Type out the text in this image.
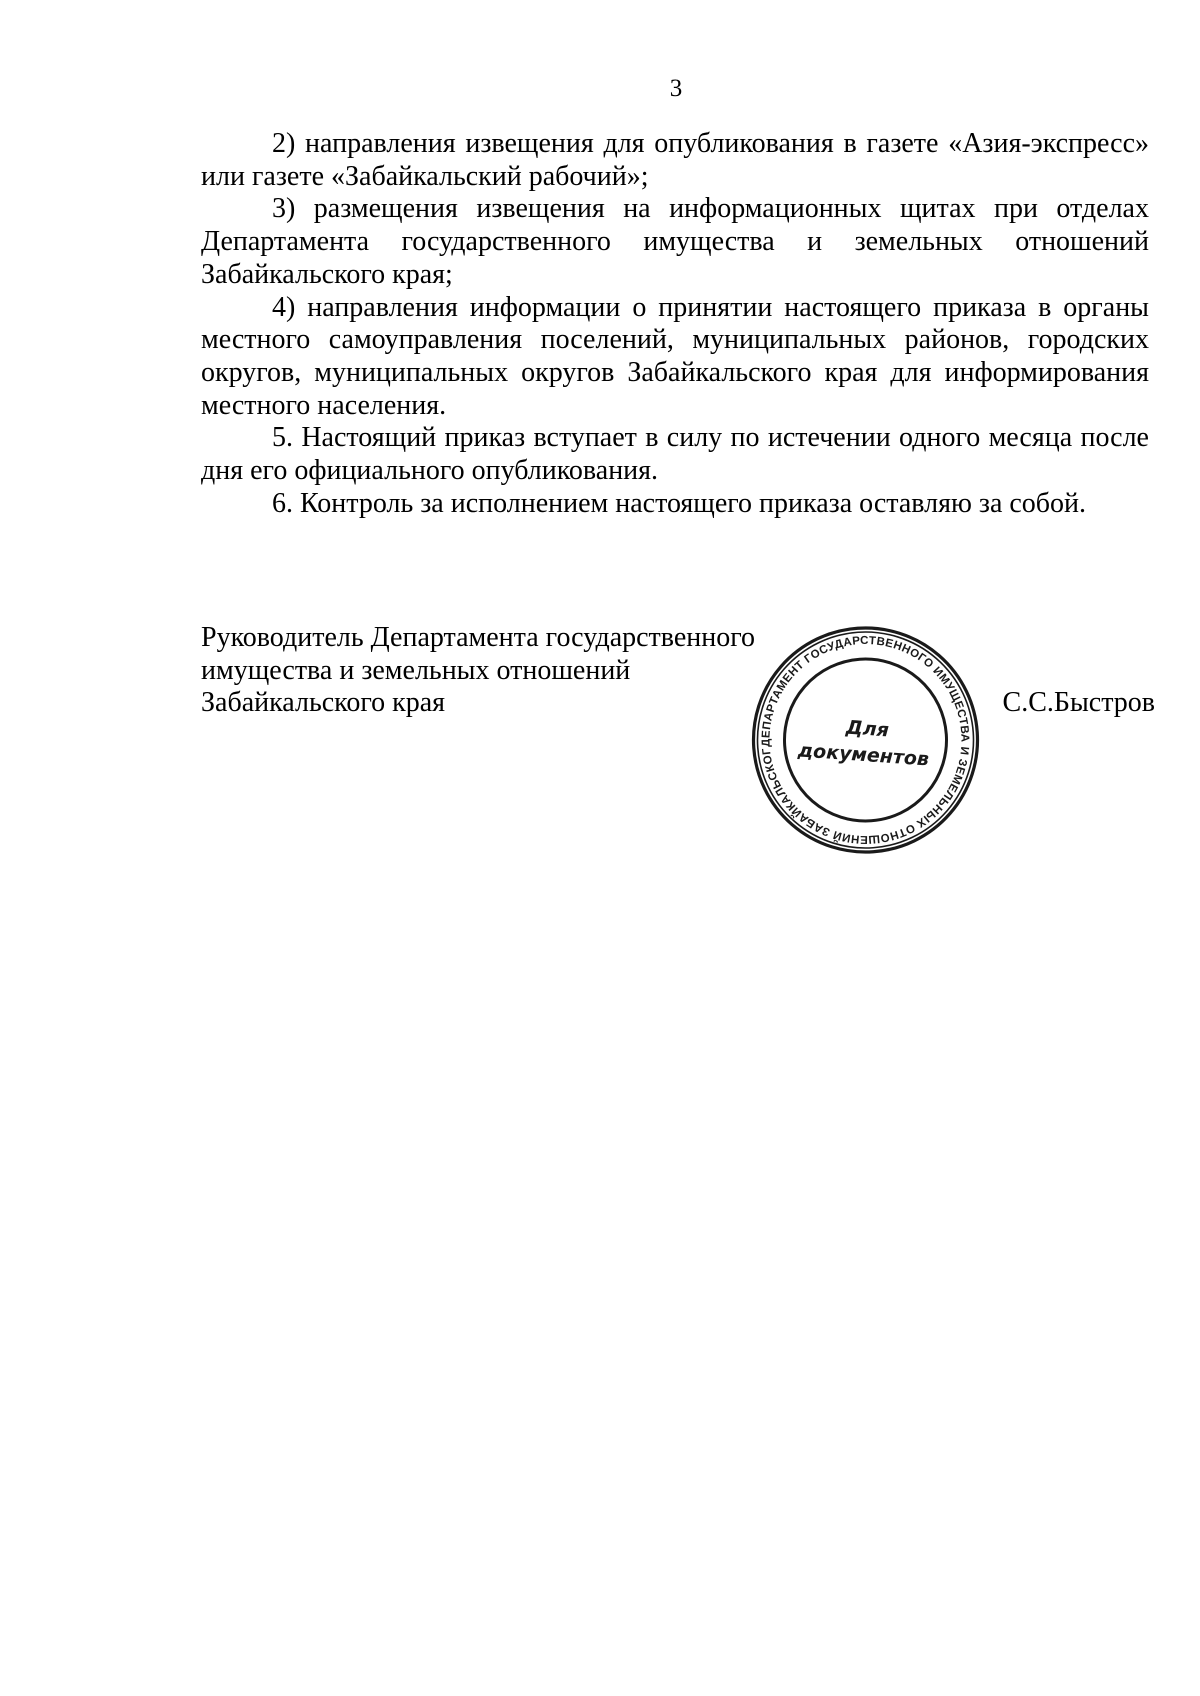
3

2) направления извещения для опубликования в газете «Азия-экспресс» или газете «Забайкальский рабочий»;

3) размещения извещения на информационных щитах при отделах Департамента государственного имущества и земельных отношений Забайкальского края;

4) направления информации о принятии настоящего приказа в органы местного самоуправления поселений, муниципальных районов, городских округов, муниципальных округов Забайкальского края для информирования местного населения.

5. Настоящий приказ вступает в силу по истечении одного месяца после дня его официального опубликования.

6. Контроль за исполнением настоящего приказа оставляю за собой.

Руководитель Департамента государственного
имущества и земельных отношений
Забайкальского края	С.С.Быстров
ДЕПАРТАМЕНТ ГОСУДАРСТВЕННОГО ИМУЩЕСТВА И ЗЕМЕЛЬНЫХ ОТНОШЕНИЙ ЗАБАЙКАЛЬСКОГО
Для
документов
